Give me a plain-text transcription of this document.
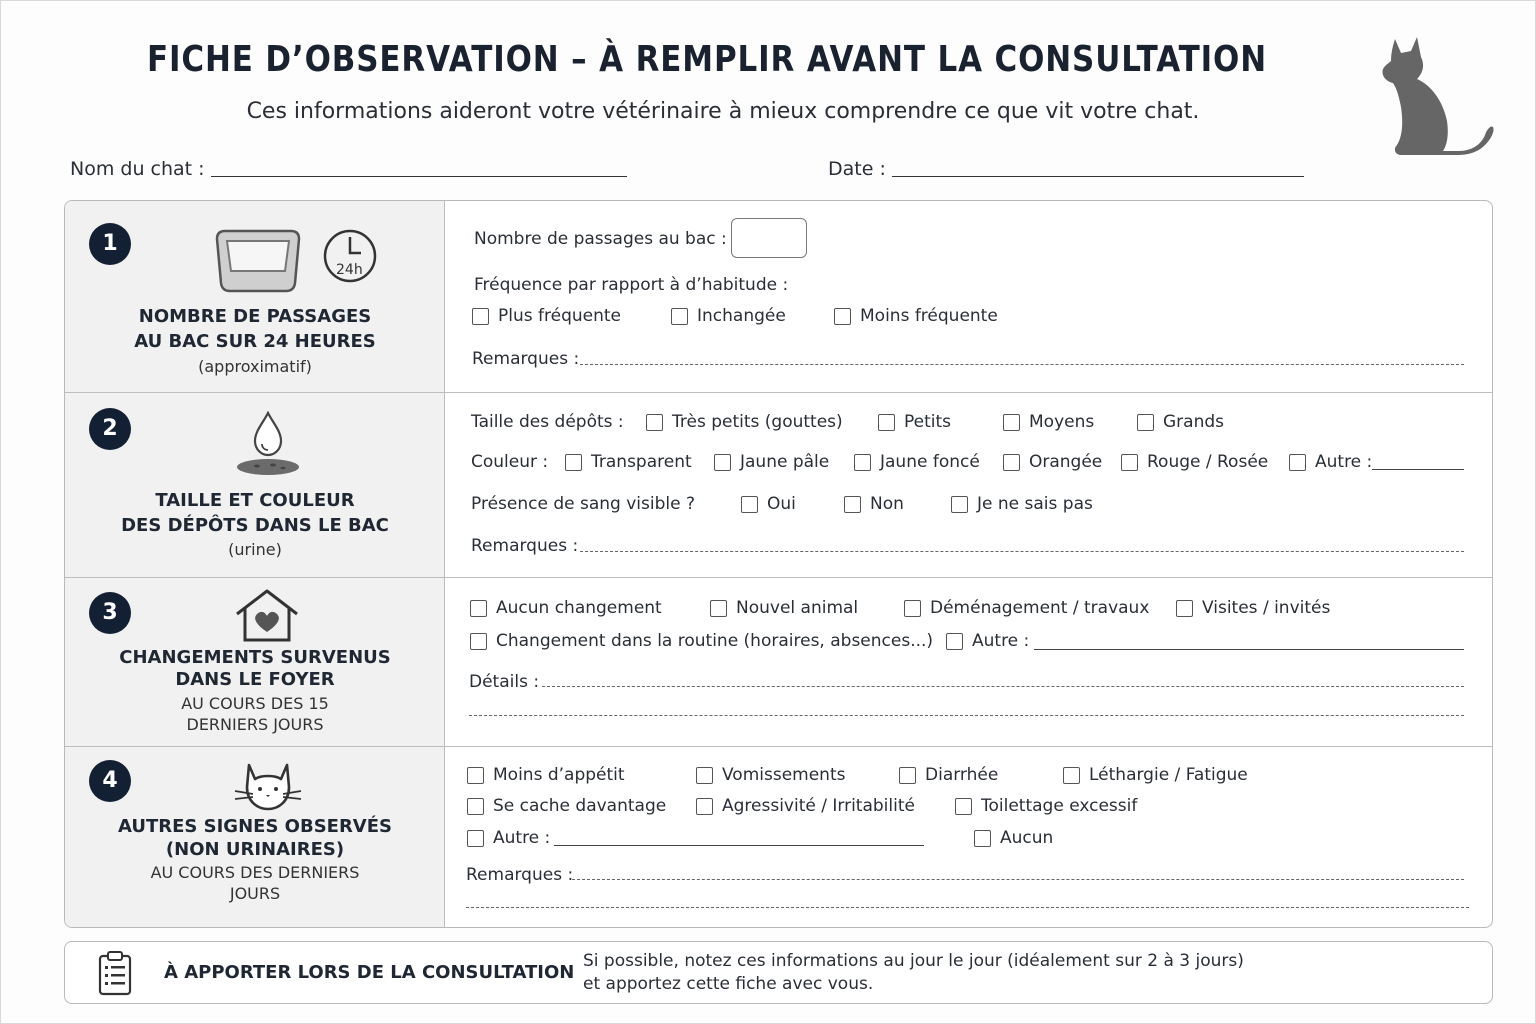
FICHE D’OBSERVATION – À REMPLIR AVANT LA CONSULTATION
Ces informations aideront votre vétérinaire à mieux comprendre ce que vit votre chat.
Nom du chat :	Date :
1
24h
NOMBRE DE PASSAGES
AU BAC SUR 24 HEURES
(approximatif)
Nombre de passages au bac :
Fréquence par rapport à d’habitude :
Plus fréquente	Inchangée	Moins fréquente
Remarques :
2
TAILLE ET COULEUR
DES DÉPÔTS DANS LE BAC
(urine)
Taille des dépôts :	Très petits (gouttes)	Petits	Moyens	Grands
Couleur :	Transparent	Jaune pâle	Jaune foncé	Orangée	Rouge / Rosée	Autre :
Présence de sang visible ?	Oui	Non	Je ne sais pas
Remarques :
3
CHANGEMENTS SURVENUS
DANS LE FOYER
AU COURS DES 15
DERNIERS JOURS
Aucun changement	Nouvel animal	Déménagement / travaux	Visites / invités
Changement dans la routine (horaires, absences...) Autre :
Détails :
4
AUTRES SIGNES OBSERVÉS
(NON URINAIRES)
AU COURS DES DERNIERS
JOURS
Moins d’appétit	Vomissements	Diarrhée	Léthargie / Fatigue
Se cache davantage	Agressivité / Irritabilité	Toilettage excessif
Autre :	Aucun
Remarques :
À APPORTER LORS DE LA CONSULTATION
Si possible, notez ces informations au jour le jour (idéalement sur 2 à 3 jours)
et apportez cette fiche avec vous.
